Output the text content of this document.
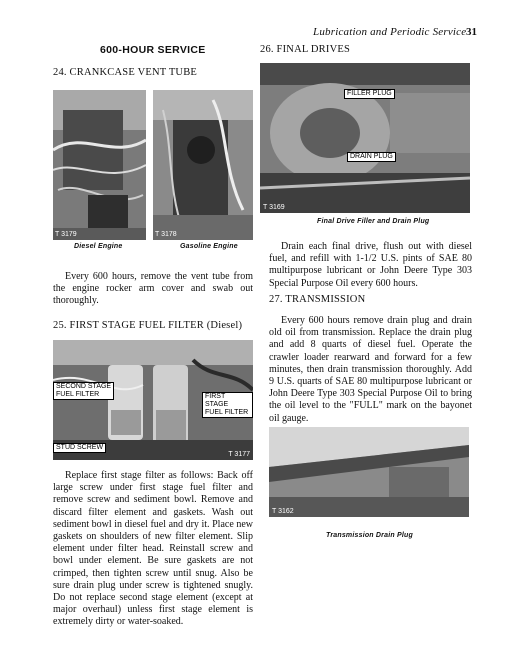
Lubrication and Periodic Service 31
600-HOUR SERVICE
24. CRANKCASE VENT TUBE
T 3179	T 3178
Diesel Engine	Gasoline Engine

Every 600 hours, remove the vent tube from the engine rocker arm cover and swab out thoroughly.

25. FIRST STAGE FUEL FILTER (Diesel)
SECOND STAGE
FUEL FILTER	FIRST STAGE
FUEL FILTER
STUD SCREW
T 3177

Replace first stage filter as follows: Back off large screw under first stage fuel filter and remove screw and sediment bowl. Remove and discard filter element and gaskets. Wash out sediment bowl in diesel fuel and dry it. Place new gaskets on shoulders of new filter element. Slip element under filter head. Reinstall screw and bowl under element. Be sure gaskets are not crimped, then tighten screw until snug. Also be sure drain plug under screw is tightened snugly. Do not replace second stage element (except at major overhaul) unless first stage element is extremely dirty or water-soaked.

26. FINAL DRIVES
FILLER PLUG
DRAIN PLUG
T 3169
Final Drive Filler and Drain Plug

Drain each final drive, flush out with diesel fuel, and refill with 1-1/2 U.S. pints of SAE 80 multipurpose lubricant or John Deere Type 303 Special Purpose Oil every 600 hours.

27. TRANSMISSION

Every 600 hours remove drain plug and drain old oil from transmission. Replace the drain plug and add 8 quarts of diesel fuel. Operate the crawler loader rearward and forward for a few minutes, then drain transmission thoroughly. Add 9 U.S. quarts of SAE 80 multipurpose lubricant or John Deere Type 303 Special Purpose Oil to bring the oil level to the "FULL" mark on the bayonet oil gauge.

T 3162
Transmission Drain Plug
